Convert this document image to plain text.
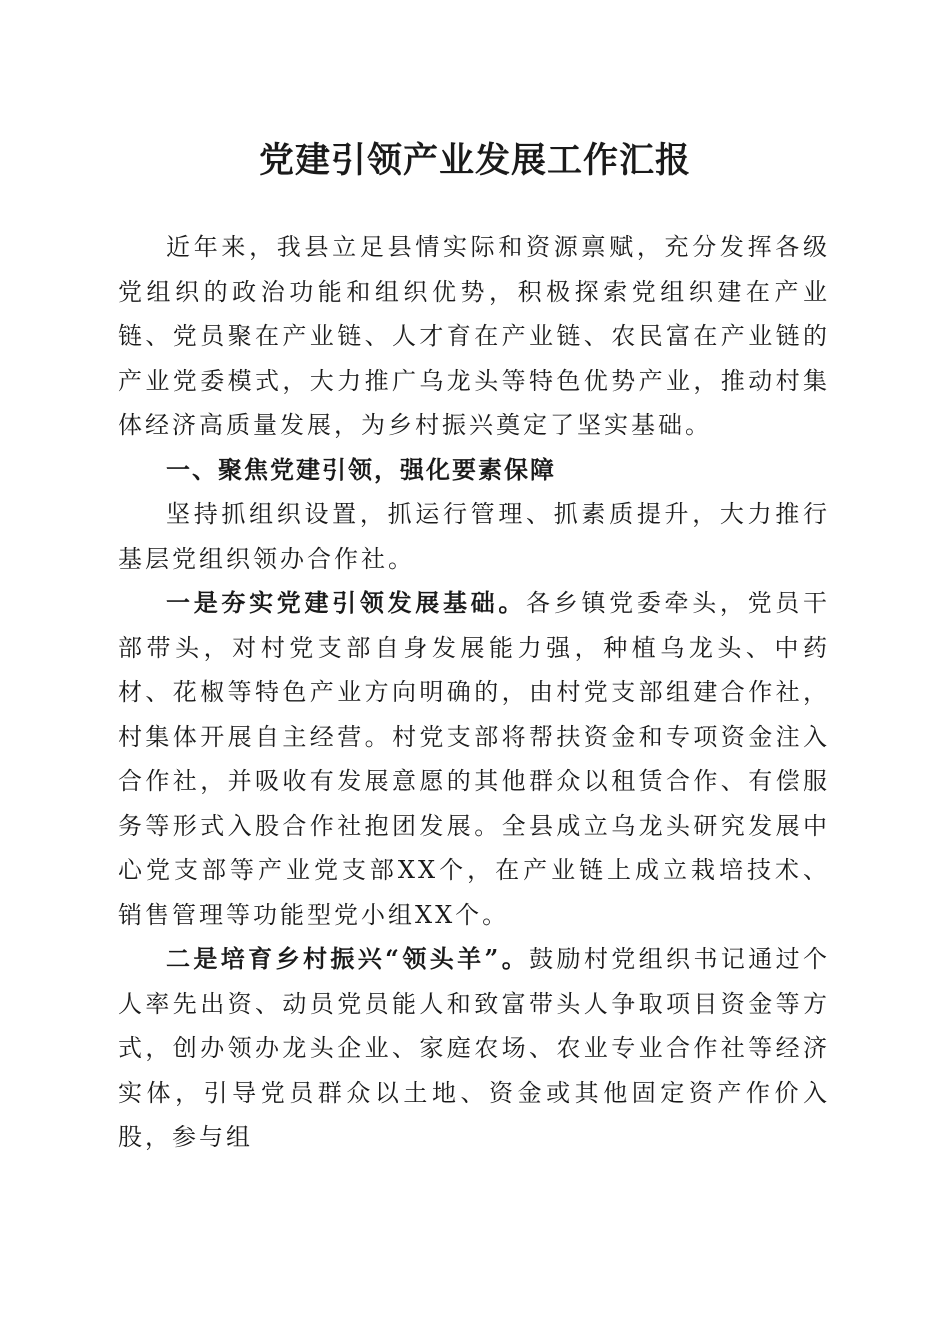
党建引领产业发展工作汇报

近年来，我县立足县情实际和资源禀赋，充分发挥各级党组织的政治功能和组织优势，积极探索党组织建在产业链、党员聚在产业链、人才育在产业链、农民富在产业链的产业党委模式，大力推广乌龙头等特色优势产业，推动村集体经济高质量发展，为乡村振兴奠定了坚实基础。

一、聚焦党建引领，强化要素保障

坚持抓组织设置，抓运行管理、抓素质提升，大力推行基层党组织领办合作社。

一是夯实党建引领发展基础。各乡镇党委牵头，党员干部带头，对村党支部自身发展能力强，种植乌龙头、中药材、花椒等特色产业方向明确的，由村党支部组建合作社，村集体开展自主经营。村党支部将帮扶资金和专项资金注入合作社，并吸收有发展意愿的其他群众以租赁合作、有偿服务等形式入股合作社抱团发展。全县成立乌龙头研究发展中心党支部等产业党支部XX个，在产业链上成立栽培技术、销售管理等功能型党小组XX个。

二是培育乡村振兴“领头羊”。鼓励村党组织书记通过个人率先出资、动员党员能人和致富带头人争取项目资金等方式，创办领办龙头企业、家庭农场、农业专业合作社等经济实体，引导党员群众以土地、资金或其他固定资产作价入股，参与组
